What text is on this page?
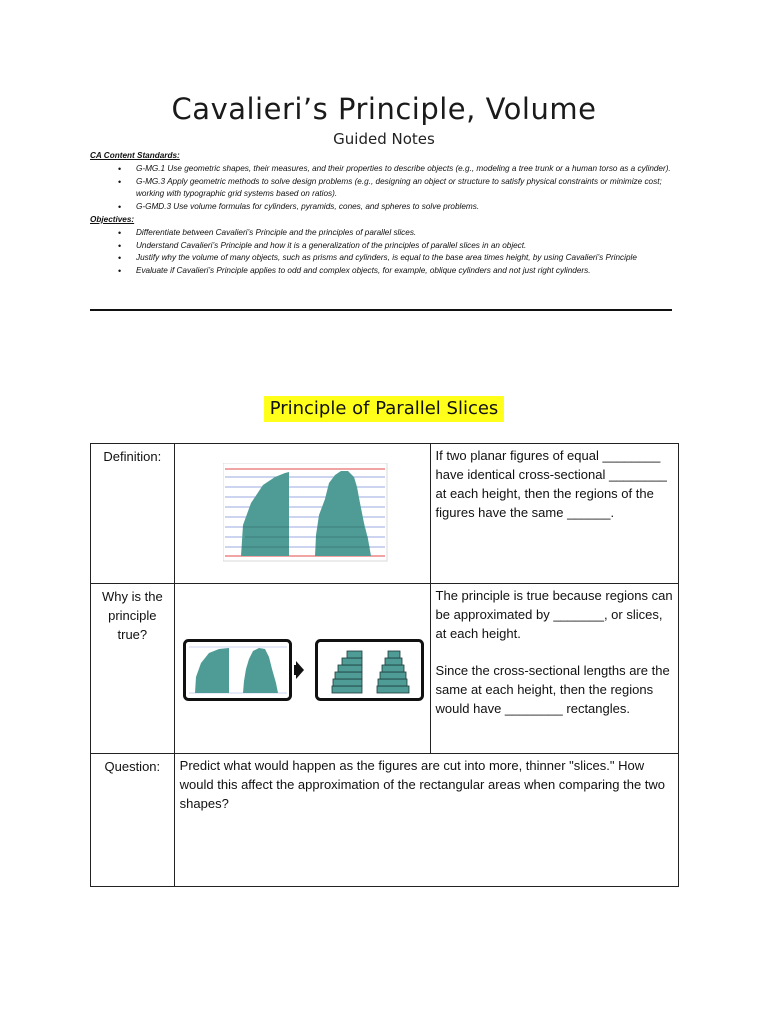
Cavalieri’s Principle, Volume
Guided Notes
CA Content Standards:
• G-MG.1 Use geometric shapes, their measures, and their properties to describe objects (e.g., modeling a tree trunk or a human torso as a cylinder).
• G-MG.3 Apply geometric methods to solve design problems (e.g., designing an object or structure to satisfy physical constraints or minimize cost; working with typographic grid systems based on ratios).
• G-GMD.3 Use volume formulas for cylinders, pyramids, cones, and spheres to solve problems.
Objectives:
• Differentiate between Cavalieri’s Principle and the principles of parallel slices.
• Understand Cavalieri’s Principle and how it is a generalization of the principles of parallel slices in an object.
• Justify why the volume of many objects, such as prisms and cylinders, is equal to the base area times height, by using Cavalieri’s Principle
• Evaluate if Cavalieri’s Principle applies to odd and complex objects, for example, oblique cylinders and not just right cylinders.
Principle of Parallel Slices
Definition:		If two planar figures of equal ________ have identical cross-sectional ________ at each height, then the regions of the figures have the same ______.
Why is the principle true?		The principle is true because regions can be approximated by _______, or slices, at each height.
Since the cross-sectional lengths are the same at each height, then the regions would have ________ rectangles.

Question:	Predict what would happen as the figures are cut into more, thinner "slices." How would this affect the approximation of the rectangular areas when comparing the two shapes?	
